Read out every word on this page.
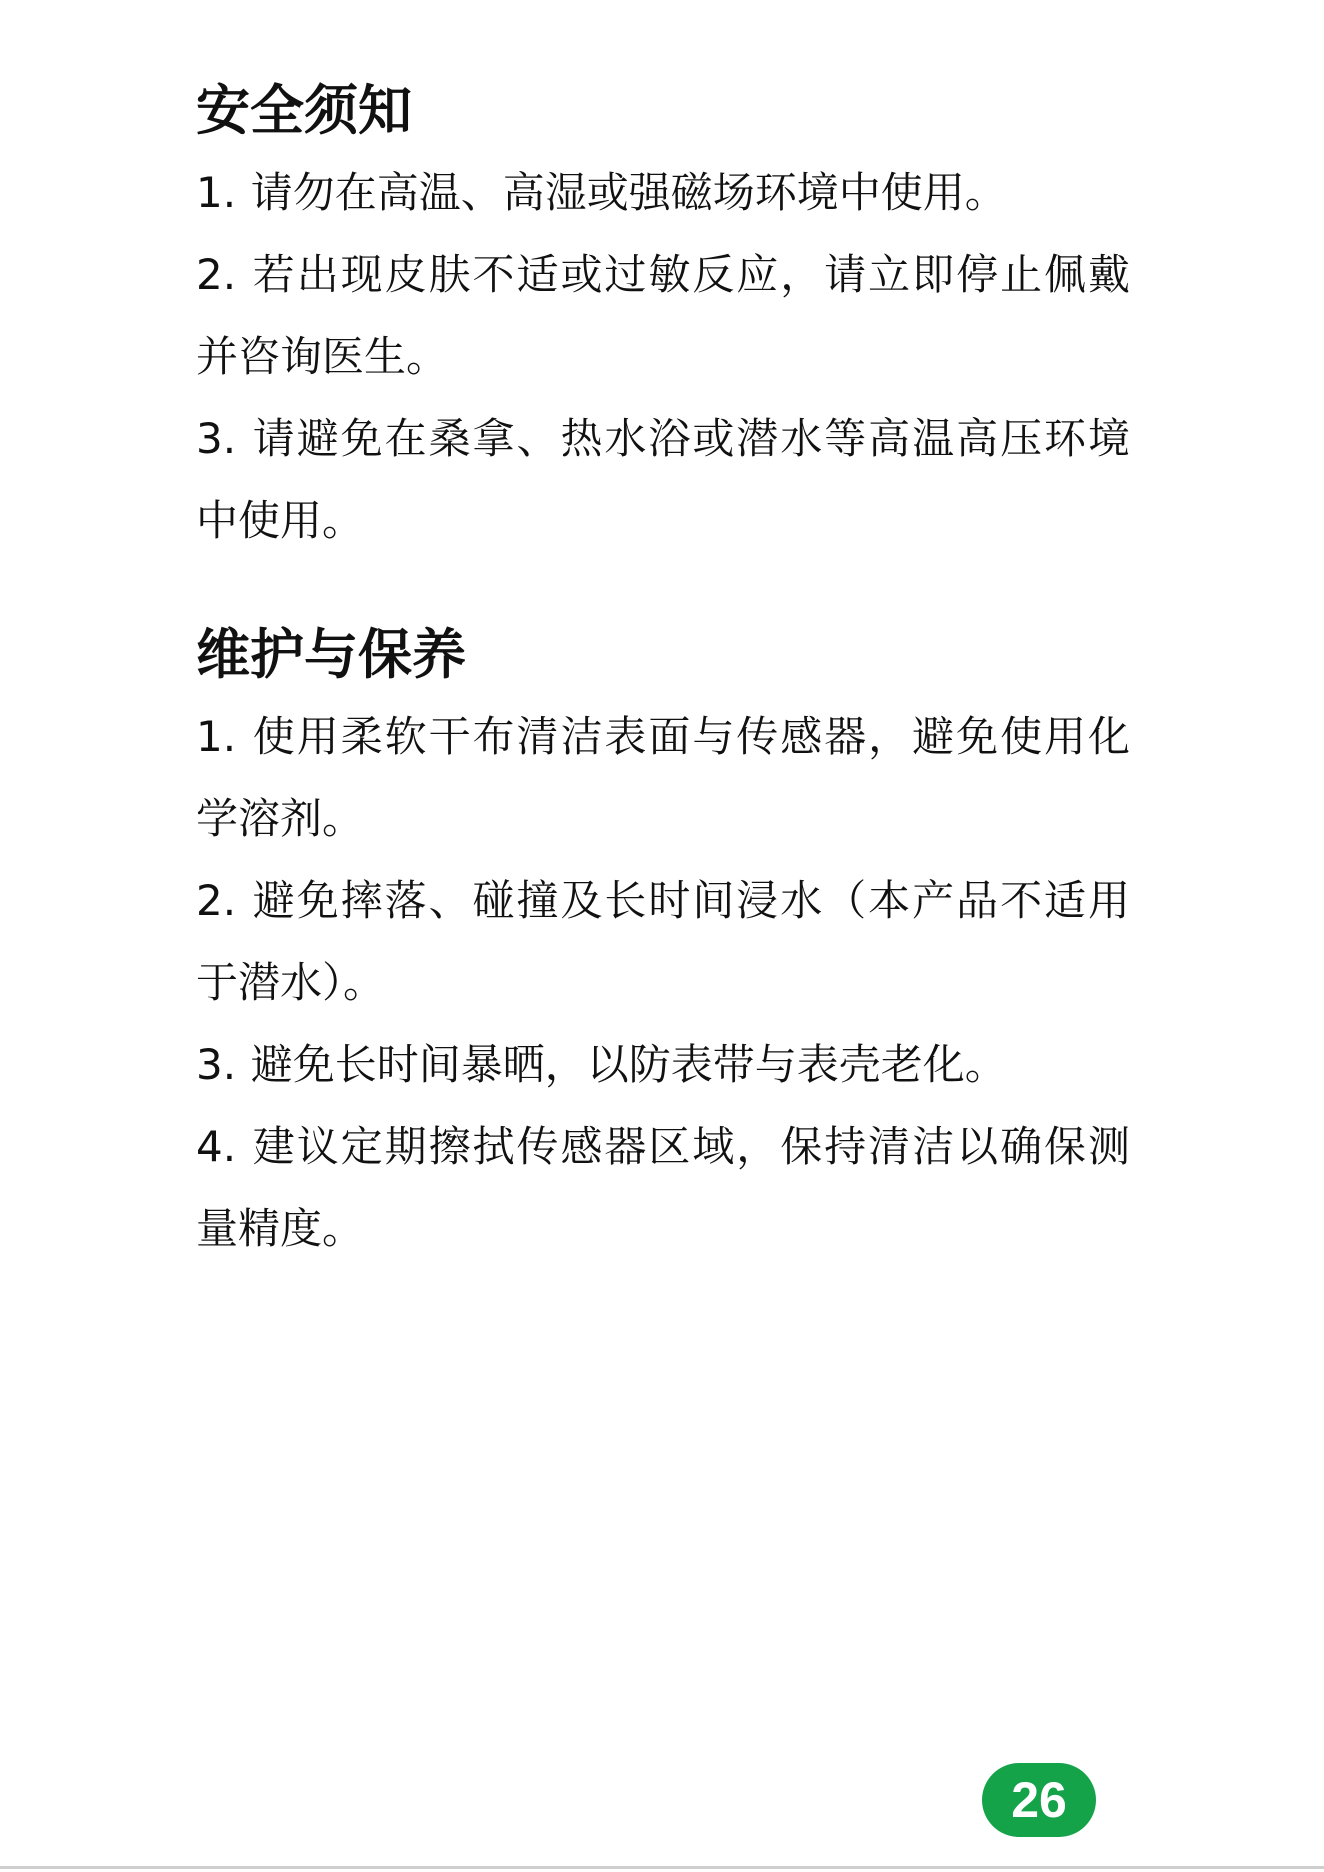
安全须知

1. 请勿在高温、高湿或强磁场环境中使用。

2. 若出现皮肤不适或过敏反应，请立即停止佩戴并咨询医生。

3. 请避免在桑拿、热水浴或潜水等高温高压环境中使用。

维护与保养

1. 使用柔软干布清洁表面与传感器，避免使用化学溶剂。

2. 避免摔落、碰撞及长时间浸水（本产品不适用于潜水）。

3. 避免长时间暴晒，以防表带与表壳老化。

4. 建议定期擦拭传感器区域，保持清洁以确保测量精度。

26
